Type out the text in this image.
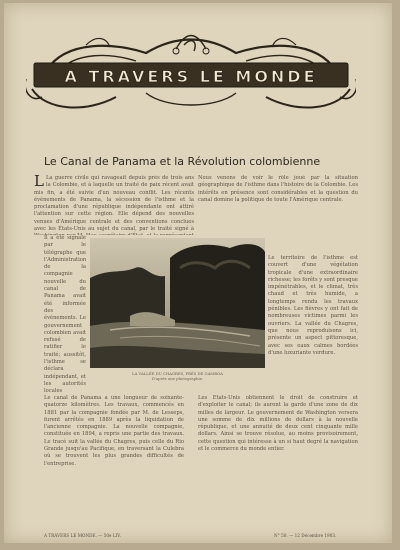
A TRAVERS LE MONDE
Le Canal de Panama et la Révolution colombienne
L La guerre civile qui ravageait depuis près de trois ans la Colombie, et à laquelle un traité de paix récent avait mis fin, a été suivie d'un nouveau conflit. Les récents événements de Panama, la sécession de l'isthme et la proclamation d'une république indépendante ont attiré l'attention sur cette région. Elle dépend des nouvelles venues d'Amérique centrale et des conventions conclues avec les États-Unis au sujet du canal, par le traité signé à
Nous venons de voir le rôle joué par la situation géographique de l'isthme dans l'histoire de la Colombie. Les intérêts en présence sont considérables et la question du canal domine la politique de toute l'Amérique centrale.
Il a été signalé par le télégraphe que l'Administration de la compagnie nouvelle du canal de Panama avait été informée des événements. Le gouvernement colombien avait refusé de ratifier le traité; aussitôt, l'isthme se déclara indépendant, et les autorités locales
Le territoire de l'isthme est couvert d'une végétation tropicale d'une extraordinaire richesse; les forêts y sont presque impénétrables, et le climat, très chaud et très humide, a longtemps rendu les travaux pénibles. Les fièvres y ont fait de nombreuses victimes parmi les ouvriers. La vallée du Chagres, que nous reproduisons ici, présente un aspect pittoresque, avec ses eaux calmes bordées d'une luxuriante verdure.
LA VALLÉE DU CHAGRES, PRÈS DE GAMBOA
D'après une photographie.
Le canal de Panama a une longueur de soixante-quatorze kilomètres. Les travaux, commencés en 1881 par la compagnie fondée par M. de Lesseps, furent arrêtés en 1889 après la liquidation de l'ancienne compagnie. La nouvelle compagnie, constituée en 1894, a repris une partie des travaux. Le tracé suit la vallée du Chagres, puis celle du Rio Grande jusqu'au Pacifique, en traversant la Culebra où se trouvent les plus grandes difficultés de l'entreprise.
Les États-Unis obtiennent le droit de construire et d'exploiter le canal; ils auront la garde d'une zone de dix milles de largeur. Le gouvernement de Washington versera une somme de dix millions de dollars à la nouvelle république, et une annuité de deux cent cinquante mille dollars. Ainsi se trouve résolue, au moins provisoirement, cette question qui intéresse à un si haut degré la navigation et le commerce du monde entier.
A TRAVERS LE MONDE. — 50e LIV.	N° 50. — 12 Décembre 1903.
